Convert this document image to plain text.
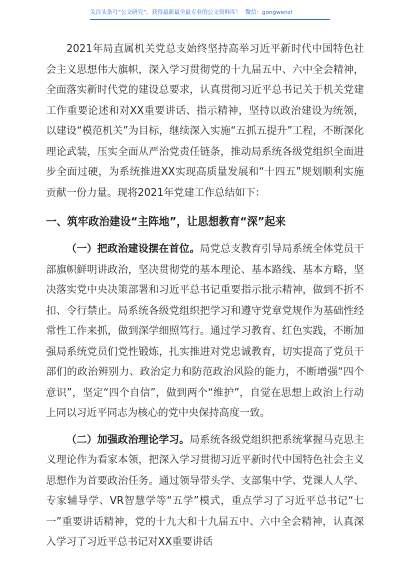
关注头条号“公文研究”，获得最新最全最专业的公文资料库！ 微信：gongwenzl

2021年局直属机关党总支始终坚持高举习近平新时代中国特色社会主义思想伟大旗帜，深入学习贯彻党的十九届五中、六中全会精神，全面落实新时代党的建设总要求，认真贯彻习近平总书记关于机关党建工作重要论述和对XX重要讲话、指示精神，坚持以政治建设为统领，以建设“模范机关”为目标，继续深入实施“五抓五提升”工程，不断深化理论武装，压实全面从严治党责任链条，推动局系统各级党组织全面进步全面过硬，为系统推进XX实现高质量发展和“十四五”规划顺利实施贡献一份力量。现将2021年党建工作总结如下：

一、筑牢政治建设“主阵地”，让思想教育“深”起来

（一）把政治建设摆在首位。局党总支教育引导局系统全体党员干部旗帜鲜明讲政治，坚决贯彻党的基本理论、基本路线、基本方略，坚决落实党中央决策部署和习近平总书记重要指示批示精神，做到不折不扣、令行禁止。局系统各级党组织把学习和遵守党章党规作为基础性经常性工作来抓，做到深学细照笃行。通过学习教育、红色实践，不断加强局系统党员们党性锻炼，扎实推进对党忠诚教育，切实提高了党员干部们的政治辨别力、政治定力和防范政治风险的能力，不断增强“四个意识”，坚定“四个自信”，做到两个“维护”，自觉在思想上政治上行动上同以习近平同志为核心的党中央保持高度一致。

（二）加强政治理论学习。局系统各级党组织把系统掌握马克思主义理论作为看家本领，把深入学习贯彻习近平新时代中国特色社会主义思想作为首要政治任务。通过领导带头学、支部集中学、党课人人学、专家辅导学、VR智慧学等“五学”模式，重点学习了习近平总书记“七一”重要讲话精神，党的十九大和十九届五中、六中全会精神，认真深入学习了习近平总书记对XX重要讲话
